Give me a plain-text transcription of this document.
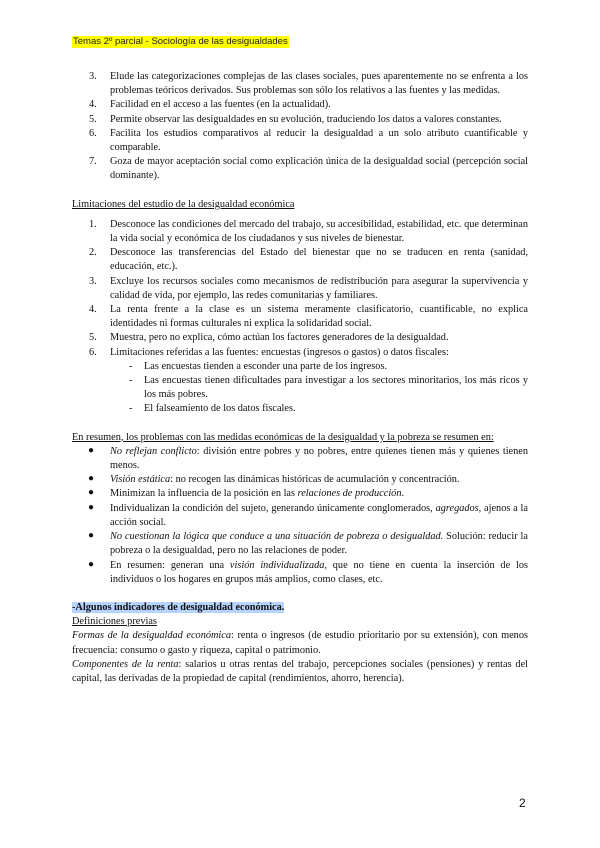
Temas 2º parcial - Sociología de las desigualdades
3. Elude las categorizaciones complejas de las clases sociales, pues aparentemente no se enfrenta a los problemas teóricos derivados. Sus problemas son sólo los relativos a las fuentes y las medidas.
4. Facilidad en el acceso a las fuentes (en la actualidad).
5. Permite observar las desigualdades en su evolución, traduciendo los datos a valores constantes.
6. Facilita los estudios comparativos al reducir la desigualdad a un solo atributo cuantificable y comparable.
7. Goza de mayor aceptación social como explicación única de la desigualdad social (percepción social dominante).

Limitaciones del estudio de la desigualdad económica

1. Desconoce las condiciones del mercado del trabajo, su accesibilidad, estabilidad, etc. que determinan la vida social y económica de los ciudadanos y sus niveles de bienestar.
2. Desconoce las transferencias del Estado del bienestar que no se traducen en renta (sanidad, educación, etc.).
3. Excluye los recursos sociales como mecanismos de redistribución para asegurar la supervivencia y calidad de vida, por ejemplo, las redes comunitarias y familiares.
4. La renta frente a la clase es un sistema meramente clasificatorio, cuantificable, no explica identidades ni formas culturales ni explica la solidaridad social.
5. Muestra, pero no explica, cómo actúan los factores generadores de la desigualdad.
6. Limitaciones referidas a las fuentes: encuestas (ingresos o gastos) o datos fiscales:
- Las encuestas tienden a esconder una parte de los ingresos.
- Las encuestas tienen dificultades para investigar a los sectores minoritarios, los más ricos y los más pobres.
- El falseamiento de los datos fiscales.

En resumen, los problemas con las medidas económicas de la desigualdad y la pobreza se resumen en:

● No reflejan conflicto: división entre pobres y no pobres, entre quienes tienen más y quienes tienen menos.
● Visión estática: no recogen las dinámicas históricas de acumulación y concentración.
● Minimizan la influencia de la posición en las relaciones de producción.
● Individualizan la condición del sujeto, generando únicamente conglomerados, agregados, ajenos a la acción social.
● No cuestionan la lógica que conduce a una situación de pobreza o desigualdad. Solución: reducir la pobreza o la desigualdad, pero no las relaciones de poder.
● En resumen: generan una visión individualizada, que no tiene en cuenta la inserción de los individuos o los hogares en grupos más amplios, como clases, etc.

-Algunos indicadores de desigualdad económica.

Definiciones previas

Formas de la desigualdad económica: renta o ingresos (de estudio prioritario por su extensión), con menos frecuencia: consumo o gasto y riqueza, capital o patrimonio.

Componentes de la renta: salarios u otras rentas del trabajo, percepciones sociales (pensiones) y rentas del capital, las derivadas de la propiedad de capital (rendimientos, ahorro, herencia).

2
